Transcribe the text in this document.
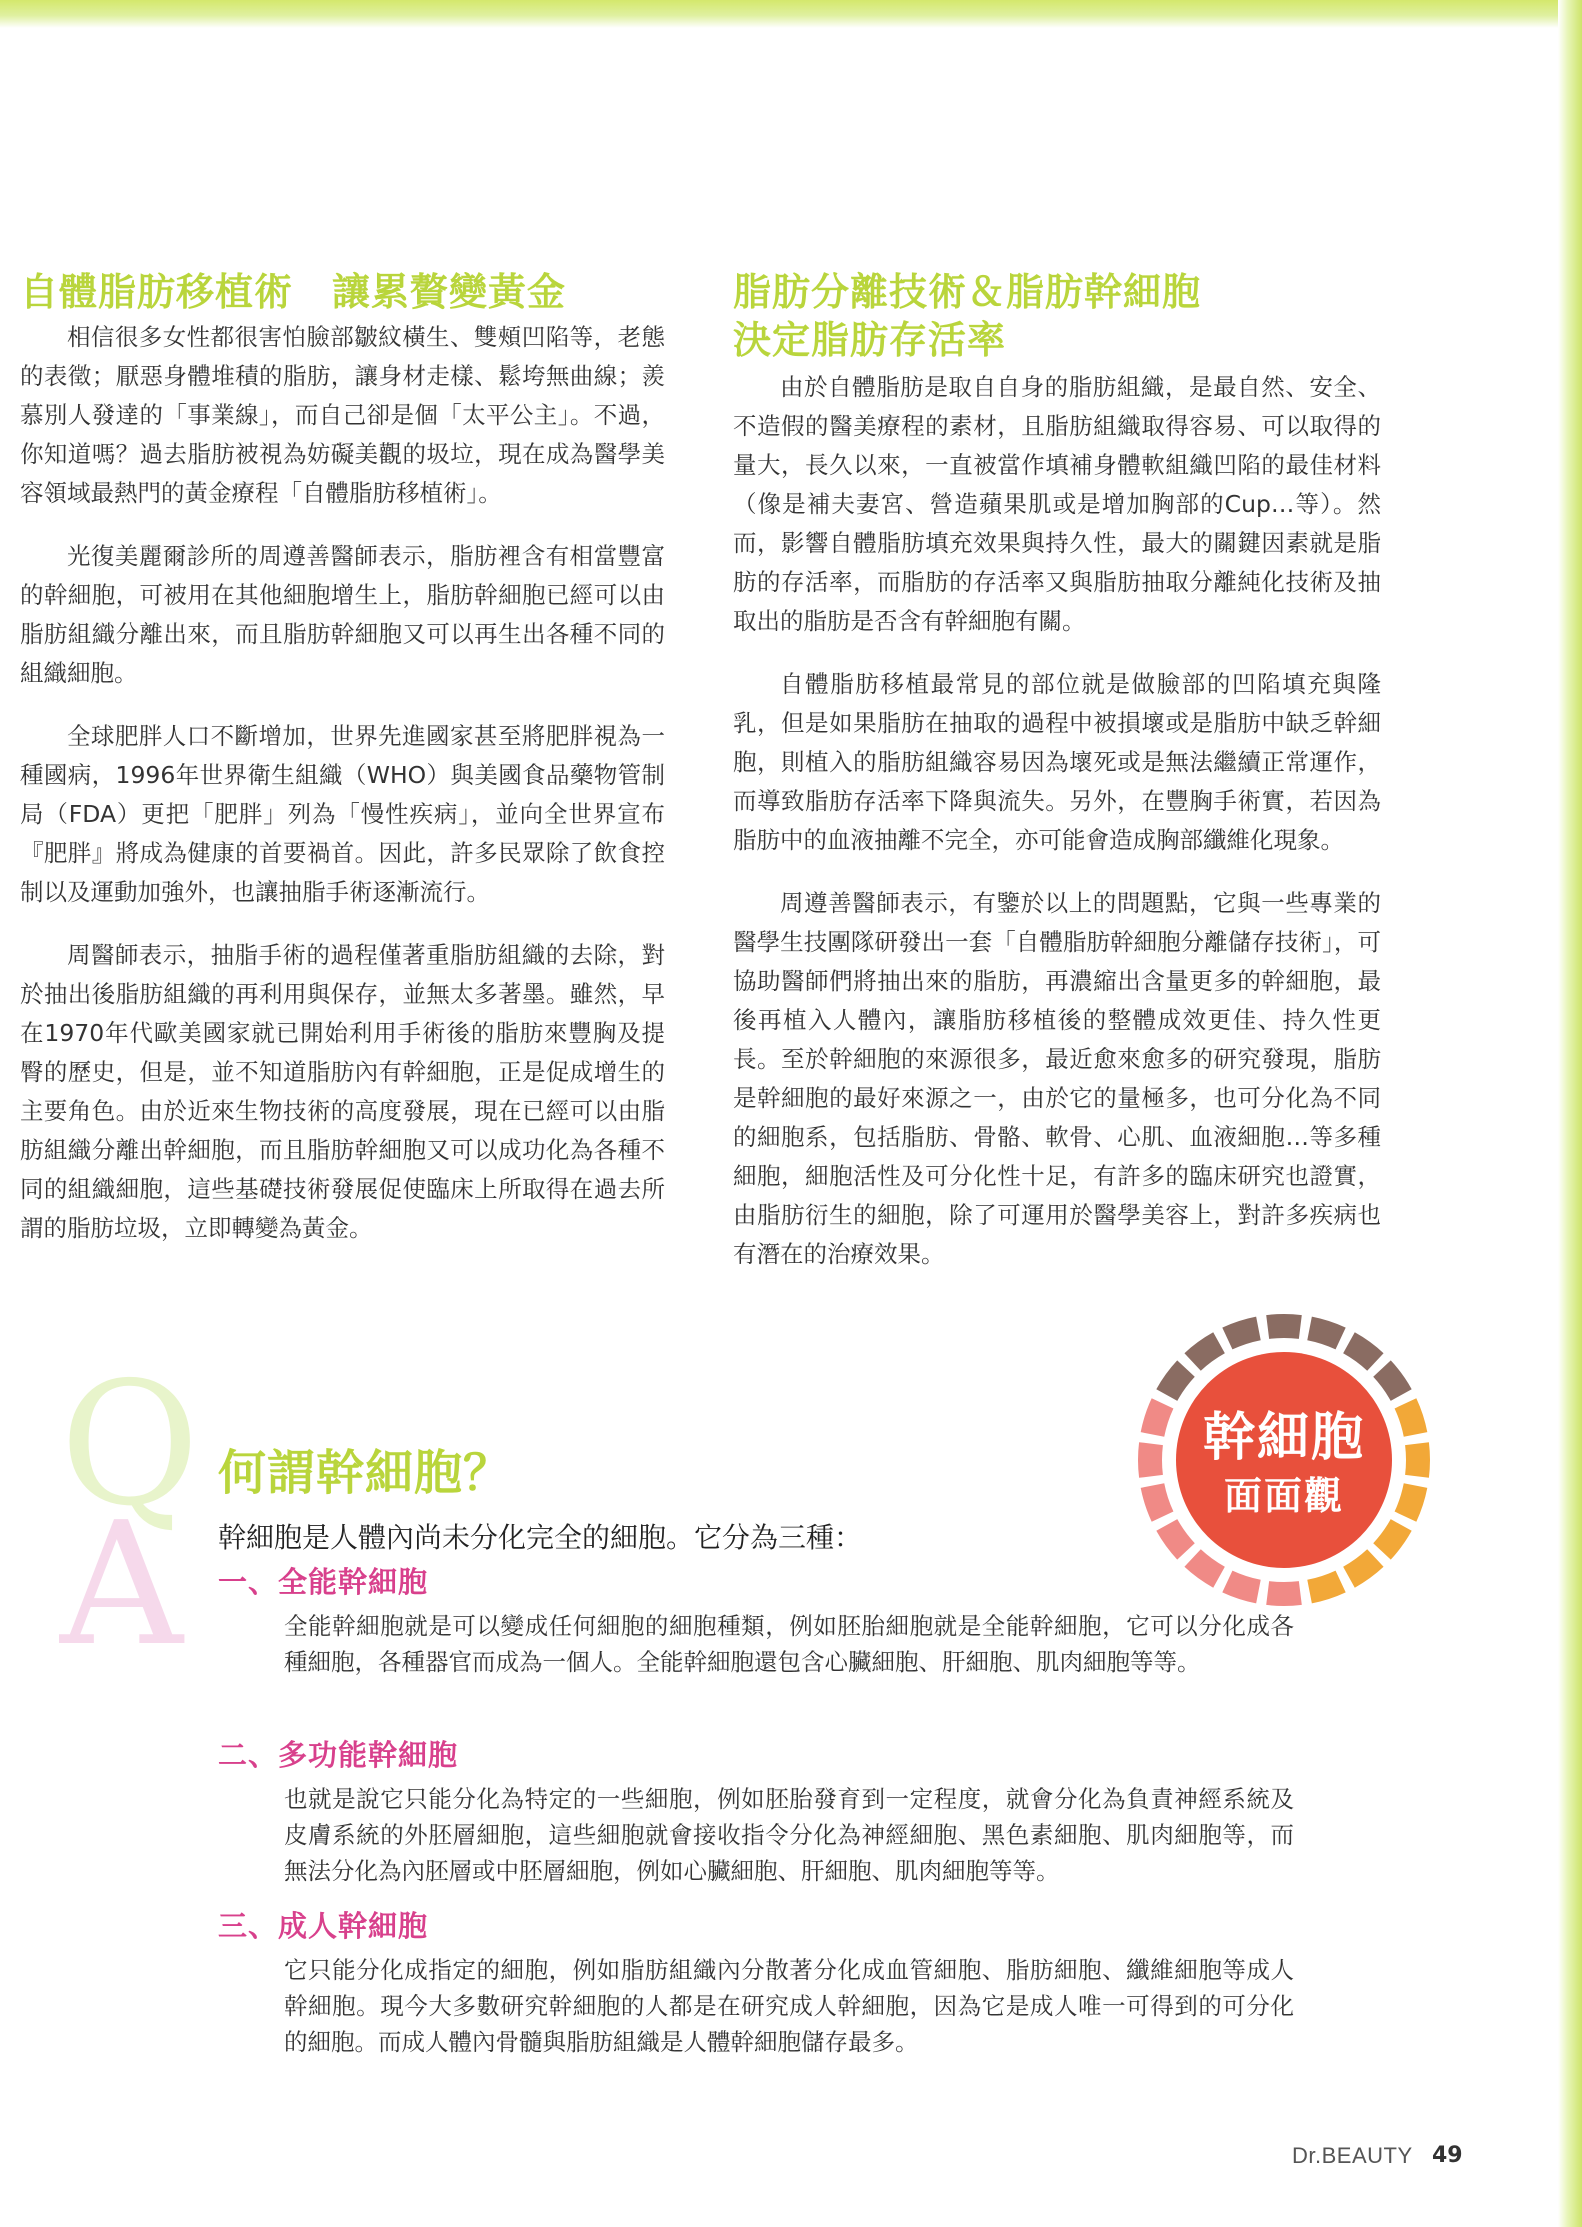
自體脂肪移植術　讓累贅變黃金

相信很多女性都很害怕臉部皺紋橫生、雙頰凹陷等，老態的表徵；厭惡身體堆積的脂肪，讓身材走樣、鬆垮無曲線；羨慕別人發達的「事業線」，而自己卻是個「太平公主」。不過，你知道嗎？過去脂肪被視為妨礙美觀的圾垃，現在成為醫學美容領域最熱門的黃金療程「自體脂肪移植術」。

光復美麗爾診所的周遵善醫師表示，脂肪裡含有相當豐富的幹細胞，可被用在其他細胞增生上，脂肪幹細胞已經可以由脂肪組織分離出來，而且脂肪幹細胞又可以再生出各種不同的組織細胞。

全球肥胖人口不斷增加，世界先進國家甚至將肥胖視為一種國病，1996年世界衛生組織（WHO）與美國食品藥物管制局（FDA）更把「肥胖」列為「慢性疾病」，並向全世界宣布『肥胖』將成為健康的首要禍首。因此，許多民眾除了飲食控制以及運動加強外，也讓抽脂手術逐漸流行。

周醫師表示，抽脂手術的過程僅著重脂肪組織的去除，對於抽出後脂肪組織的再利用與保存，並無太多著墨。雖然，早在1970年代歐美國家就已開始利用手術後的脂肪來豐胸及提臀的歷史，但是，並不知道脂肪內有幹細胞，正是促成增生的主要角色。由於近來生物技術的高度發展，現在已經可以由脂肪組織分離出幹細胞，而且脂肪幹細胞又可以成功化為各種不同的組織細胞，這些基礎技術發展促使臨床上所取得在過去所謂的脂肪垃圾，立即轉變為黃金。

脂肪分離技術＆脂肪幹細胞
決定脂肪存活率

由於自體脂肪是取自自身的脂肪組織，是最自然、安全、不造假的醫美療程的素材，且脂肪組織取得容易、可以取得的量大，長久以來，一直被當作填補身體軟組織凹陷的最佳材料（像是補夫妻宮、營造蘋果肌或是增加胸部的Cup…等）。然而，影響自體脂肪填充效果與持久性，最大的關鍵因素就是脂肪的存活率，而脂肪的存活率又與脂肪抽取分離純化技術及抽取出的脂肪是否含有幹細胞有關。

自體脂肪移植最常見的部位就是做臉部的凹陷填充與隆乳，但是如果脂肪在抽取的過程中被損壞或是脂肪中缺乏幹細胞，則植入的脂肪組織容易因為壞死或是無法繼續正常運作，而導致脂肪存活率下降與流失。另外，在豐胸手術實，若因為脂肪中的血液抽離不完全，亦可能會造成胸部纖維化現象。

周遵善醫師表示，有鑒於以上的問題點，它與一些專業的醫學生技團隊研發出一套「自體脂肪幹細胞分離儲存技術」，可協助醫師們將抽出來的脂肪，再濃縮出含量更多的幹細胞，最後再植入人體內，讓脂肪移植後的整體成效更佳、持久性更長。至於幹細胞的來源很多，最近愈來愈多的研究發現，脂肪是幹細胞的最好來源之一，由於它的量極多，也可分化為不同的細胞系，包括脂肪、骨骼、軟骨、心肌、血液細胞…等多種細胞，細胞活性及可分化性十足，有許多的臨床研究也證實，由脂肪衍生的細胞，除了可運用於醫學美容上，對許多疾病也有潛在的治療效果。

幹細胞
面面觀
Q
A
何謂幹細胞？

幹細胞是人體內尚未分化完全的細胞。它分為三種：

一、全能幹細胞

全能幹細胞就是可以變成任何細胞的細胞種類，例如胚胎細胞就是全能幹細胞，它可以分化成各種細胞，各種器官而成為一個人。全能幹細胞還包含心臟細胞、肝細胞、肌肉細胞等等。

二、多功能幹細胞

也就是說它只能分化為特定的一些細胞，例如胚胎發育到一定程度，就會分化為負責神經系統及皮膚系統的外胚層細胞，這些細胞就會接收指令分化為神經細胞、黑色素細胞、肌肉細胞等，而無法分化為內胚層或中胚層細胞，例如心臟細胞、肝細胞、肌肉細胞等等。

三、成人幹細胞

它只能分化成指定的細胞，例如脂肪組織內分散著分化成血管細胞、脂肪細胞、纖維細胞等成人幹細胞。現今大多數研究幹細胞的人都是在研究成人幹細胞，因為它是成人唯一可得到的可分化的細胞。而成人體內骨髓與脂肪組織是人體幹細胞儲存最多。

Dr.BEAUTY 49
